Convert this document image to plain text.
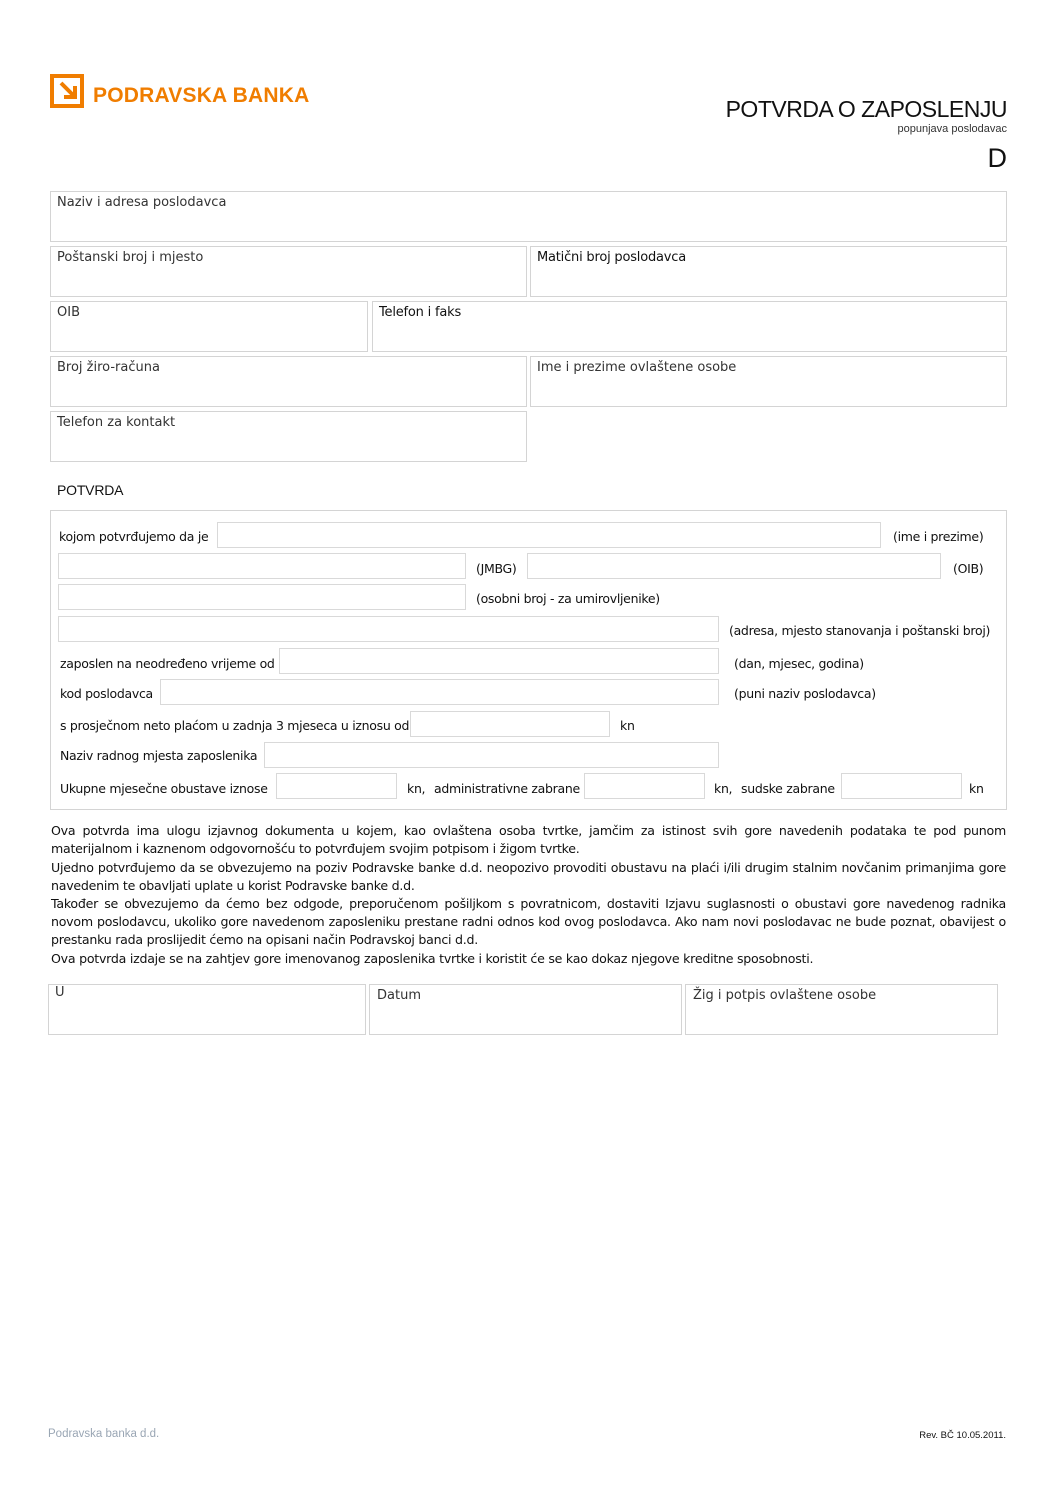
PODRAVSKA BANKA
POTVRDA O ZAPOSLENJU
popunjava poslodavac
D
Naziv i adresa poslodavca
Poštanski broj i mjesto	Matični broj poslodavca
OIB	Telefon i faks
Broj žiro-računa	Ime i prezime ovlaštene osobe
Telefon za kontakt
POTVRDA
kojom potvrđujemo da je	(ime i prezime)
(JMBG)	(OIB)
(osobni broj - za umirovljenike)
(adresa, mjesto stanovanja i poštanski broj)
zaposlen na neodređeno vrijeme od	(dan, mjesec, godina)
kod poslodavca	(puni naziv poslodavca)
s prosječnom neto plaćom u zadnja 3 mjeseca u iznosu od	kn
Naziv radnog mjesta zaposlenika
Ukupne mjesečne obustave iznose	kn, administrativne zabrane	kn, sudske zabrane	kn

Ova potvrda ima ulogu izjavnog dokumenta u kojem, kao ovlaštena osoba tvrtke, jamčim za istinost svih gore navedenih podataka te pod punom materijalnom i kaznenom odgovornošću to potvrđujem svojim potpisom i žigom tvrtke.

Ujedno potvrđujemo da se obvezujemo na poziv Podravske banke d.d. neopozivo provoditi obustavu na plaći i/ili drugim stalnim novčanim primanjima gore navedenim te obavljati uplate u korist Podravske banke d.d.

Također se obvezujemo da ćemo bez odgode, preporučenom pošiljkom s povratnicom, dostaviti Izjavu suglasnosti o obustavi gore navedenog radnika novom poslodavcu, ukoliko gore navedenom zaposleniku prestane radni odnos kod ovog poslodavca. Ako nam novi poslodavac ne bude poznat, obavijest o prestanku rada proslijedit ćemo na opisani način Podravskoj banci d.d.

Ova potvrda izdaje se na zahtjev gore imenovanog zaposlenika tvrtke i koristit će se kao dokaz njegove kreditne sposobnosti.

U	Datum	Žig i potpis ovlaštene osobe
Podravska banka d.d.	Rev. BČ 10.05.2011.
